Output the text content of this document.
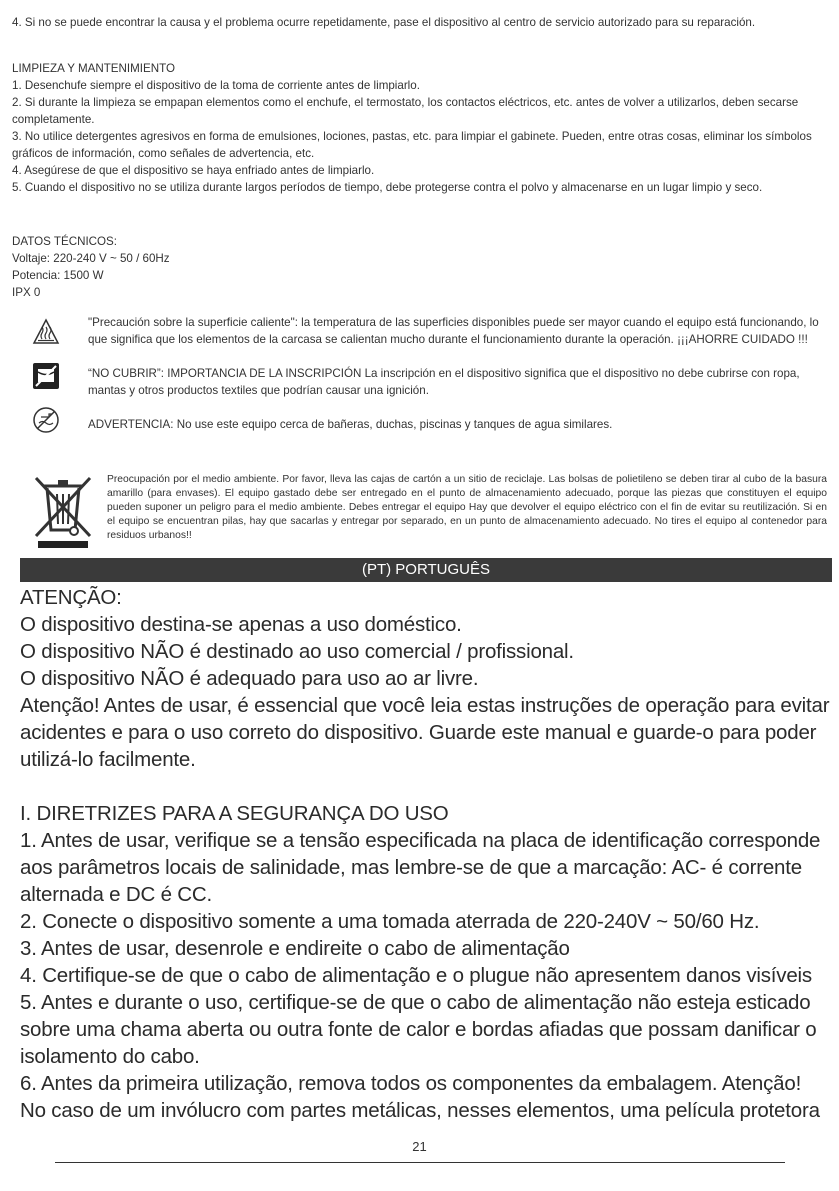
4. Si no se puede encontrar la causa y el problema ocurre repetidamente, pase el dispositivo al centro de servicio autorizado para su reparación.

LIMPIEZA Y MANTENIMIENTO

1. Desenchufe siempre el dispositivo de la toma de corriente antes de limpiarlo.

2. Si durante la limpieza se empapan elementos como el enchufe, el termostato, los contactos eléctricos, etc. antes de volver a utilizarlos, deben secarse completamente.

3. No utilice detergentes agresivos en forma de emulsiones, lociones, pastas, etc. para limpiar el gabinete. Pueden, entre otras cosas, eliminar los símbolos gráficos de información, como señales de advertencia, etc.

4. Asegúrese de que el dispositivo se haya enfriado antes de limpiarlo.

5. Cuando el dispositivo no se utiliza durante largos períodos de tiempo, debe protegerse contra el polvo y almacenarse en un lugar limpio y seco.

DATOS TÉCNICOS:

Voltaje: 220-240 V ~ 50 / 60Hz

Potencia: 1500 W

IPX 0

"Precaución sobre la superficie caliente": la temperatura de las superficies disponibles puede ser mayor cuando el equipo está funcionando, lo que significa que los elementos de la carcasa se calientan mucho durante el funcionamiento durante la operación. ¡¡¡AHORRE CUIDADO !!!

“NO CUBRIR”: IMPORTANCIA DE LA INSCRIPCIÓN La inscripción en el dispositivo significa que el dispositivo no debe cubrirse con ropa, mantas y otros productos textiles que podrían causar una ignición.

ADVERTENCIA: No use este equipo cerca de bañeras, duchas, piscinas y tanques de agua similares.

Preocupación por el medio ambiente. Por favor, lleva las cajas de cartón a un sitio de reciclaje. Las bolsas de polietileno se deben tirar al cubo de la basura amarillo (para envases). El equipo gastado debe ser entregado en el punto de almacenamiento adecuado, porque las piezas que constituyen el equipo pueden suponer un peligro para el medio ambiente. Debes entregar el equipo Hay que devolver el equipo eléctrico con el fin de evitar su reutilización. Si en el equipo se encuentran pilas, hay que sacarlas y entregar por separado, en un punto de almacenamiento adecuado. No tires el equipo al contenedor para residuos urbanos!!
(PT) PORTUGUÊS

ATENÇÃO:

O dispositivo destina-se apenas a uso doméstico.

O dispositivo NÃO é destinado ao uso comercial / profissional.

O dispositivo NÃO é adequado para uso ao ar livre.

Atenção! Antes de usar, é essencial que você leia estas instruções de operação para evitar acidentes e para o uso correto do dispositivo. Guarde este manual e guarde-o para poder utilizá-lo facilmente.

I. DIRETRIZES PARA A SEGURANÇA DO USO

1. Antes de usar, verifique se a tensão especificada na placa de identificação corresponde aos parâmetros locais de salinidade, mas lembre-se de que a marcação: AC- é corrente alternada e DC é CC.

2. Conecte o dispositivo somente a uma tomada aterrada de 220-240V ~ 50/60 Hz.

3. Antes de usar, desenrole e endireite o cabo de alimentação

4. Certifique-se de que o cabo de alimentação e o plugue não apresentem danos visíveis

5. Antes e durante o uso, certifique-se de que o cabo de alimentação não esteja esticado sobre uma chama aberta ou outra fonte de calor e bordas afiadas que possam danificar o isolamento do cabo.

6. Antes da primeira utilização, remova todos os componentes da embalagem. Atenção! No caso de um invólucro com partes metálicas, nesses elementos, uma película protetora

21
